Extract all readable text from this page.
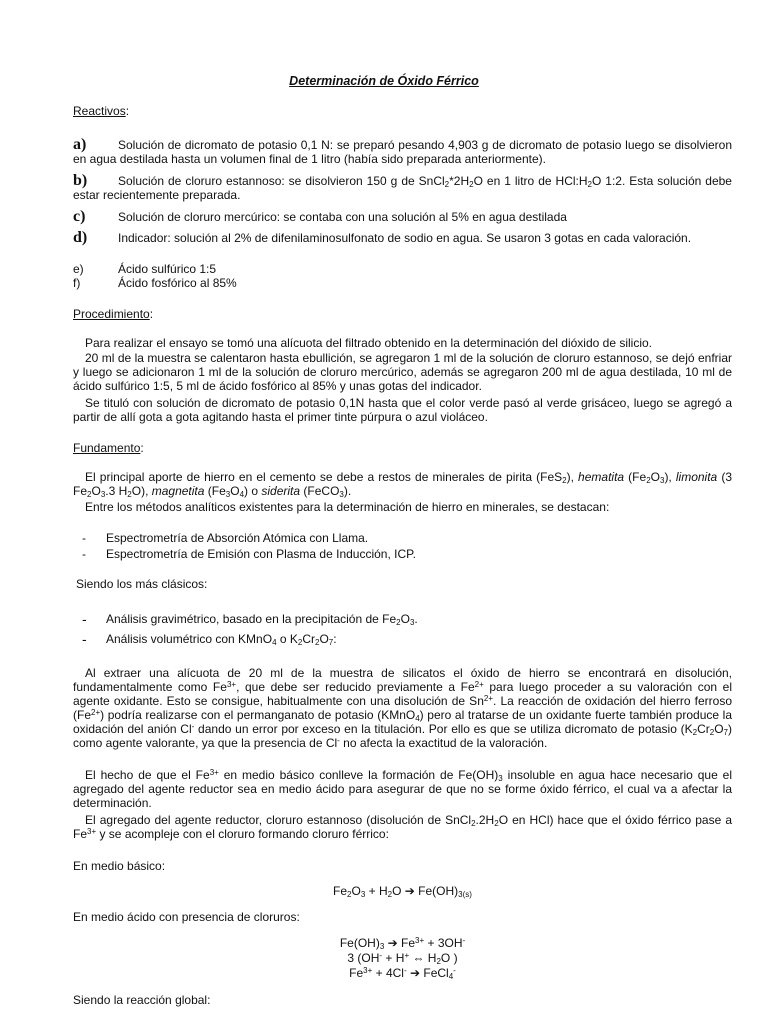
Determinación de Óxido Férrico
Reactivos:
a)	Solución de dicromato de potasio 0,1 N: se preparó pesando 4,903 g de dicromato de potasio luego se disolvieron en agua destilada hasta un volumen final de 1 litro (había sido preparada anteriormente).
b)	Solución de cloruro estannoso: se disolvieron 150 g de $SnCl_2*2H_2O$ en 1 litro de $HCl:H_2O$ 1:2. Esta solución debe estar recientemente preparada.
c)	Solución de cloruro mercúrico: se contaba con una solución al 5% en agua destilada
d)	Indicador: solución al 2% de difenilaminosulfonato de sodio en agua. Se usaron 3 gotas en cada valoración.
e)	Ácido sulfúrico 1:5
f)	Ácido fosfórico al 85%
Procedimiento:
Para realizar el ensayo se tomó una alícuota del filtrado obtenido en la determinación del dióxido de silicio.
20 ml de la muestra se calentaron hasta ebullición, se agregaron 1 ml de la solución de cloruro estannoso, se dejó enfriar y luego se adicionaron 1 ml de la solución de cloruro mercúrico, además se agregaron 200 ml de agua destilada, 10 ml de ácido sulfúrico 1:5, 5 ml de ácido fosfórico al 85% y unas gotas del indicador.
Se tituló con solución de dicromato de potasio 0,1N hasta que el color verde pasó al verde grisáceo, luego se agregó a partir de allí gota a gota agitando hasta el primer tinte púrpura o azul violáceo.
Fundamento:
El principal aporte de hierro en el cemento se debe a restos de minerales de pirita (FeS$_2$), hematita $(Fe_2O_3)$, limonita (3 $Fe_2O_3.3$ $H_2O$), magnetita $(Fe_3O_4)$ o siderita (FeCO$_3$).
Entre los métodos analíticos existentes para la determinación de hierro en minerales, se destacan:
- Espectrometría de Absorción Atómica con Llama.
- Espectrometría de Emisión con Plasma de Inducción, ICP.
Siendo los más clásicos:
- Análisis gravimétrico, basado en la precipitación de $Fe_2O_3$.
- Análisis volumétrico con KMnO$_4$ o $K_2Cr_2O_7$:
Al extraer una alícuota de 20 ml de la muestra de silicatos el óxido de hierro se encontrará en disolución, fundamentalmente como $Fe^{3+}$, que debe ser reducido previamente a $Fe^{2+}$ para luego proceder a su valoración con el agente oxidante. Esto se consigue, habitualmente con una disolución de $Sn^{2+}$. La reacción de oxidación del hierro ferroso $(Fe^{2+})$ podría realizarse con el permanganato de potasio (KMnO$_4$) pero al tratarse de un oxidante fuerte también produce la oxidación del anión Cl- dando un error por exceso en la titulación. Por ello es que se utiliza dicromato de potasio $(K_2Cr_2O_7)$ como agente valorante, ya que la presencia de Cl- no afecta la exactitud de la valoración.
El hecho de que el $Fe^{3+}$ en medio básico conlleve la formación de $Fe(OH)_3$ insoluble en agua hace necesario que el agregado del agente reductor sea en medio ácido para asegurar de que no se forme óxido férrico, el cual va a afectar la determinación.
El agregado del agente reductor, cloruro estannoso (disolución de $SnCl_2.2H_2O$ en HCl) hace que el óxido férrico pase a $Fe^{3+}$ y se acompleje con el cloruro formando cloruro férrico:
En medio básico:
$Fe_2O_3 + H_2O$ ➔ $Fe(OH)_{3(s)}$
En medio ácido con presencia de cloruros:
$Fe(OH)_3$ ➔ $Fe^{3+} + 3OH^-$
3 (OH- + H+ ⇔ $H_2O$ )
$Fe^{3+} + 4Cl^-$ ➔ FeCl$_4$-
Siendo la reacción global:
